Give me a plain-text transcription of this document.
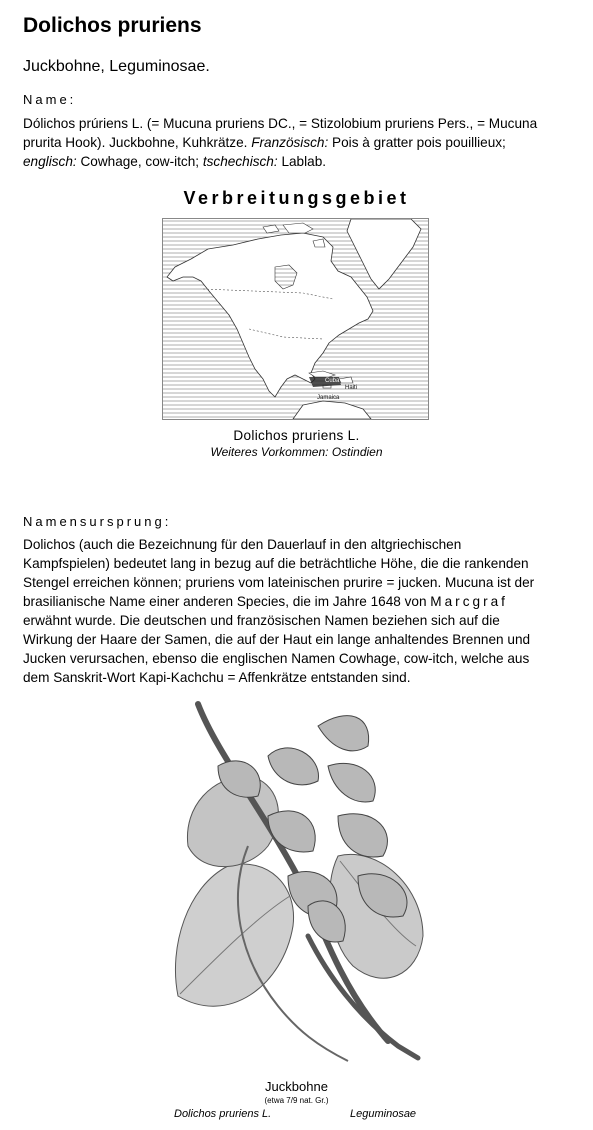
Dolichos pruriens
Juckbohne, Leguminosae.
Name:
Dólichos prúriens L. (= Mucuna pruriens DC., = Stizolobium pruriens Pers., = Mucuna
prurita Hook). Juckbohne, Kuhkrätze. Französisch: Pois à gratter pois pouillieux;
englisch: Cowhage, cow-itch; tschechisch: Lablab.
Verbreitungsgebiet
Cuba
Haiti
Jamaica
Dolichos pruriens L.
Weiteres Vorkommen: Ostindien
Namensursprung:
Dolichos (auch die Bezeichnung für den Dauerlauf in den altgriechischen
Kampfspielen) bedeutet lang in bezug auf die beträchtliche Höhe, die die rankenden
Stengel erreichen können; pruriens vom lateinischen prurire = jucken. Mucuna ist der
brasilianische Name einer anderen Species, die im Jahre 1648 von Marcgraf
erwähnt wurde. Die deutschen und französischen Namen beziehen sich auf die
Wirkung der Haare der Samen, die auf der Haut ein lange anhaltendes Brennen und
Jucken verursachen, ebenso die englischen Namen Cowhage, cow-itch, welche aus
dem Sanskrit-Wort Kapi-Kachchu = Affenkrätze entstanden sind.
Juckbohne
(etwa 7/9 nat. Gr.)
Dolichos pruriens L.	Leguminosae
